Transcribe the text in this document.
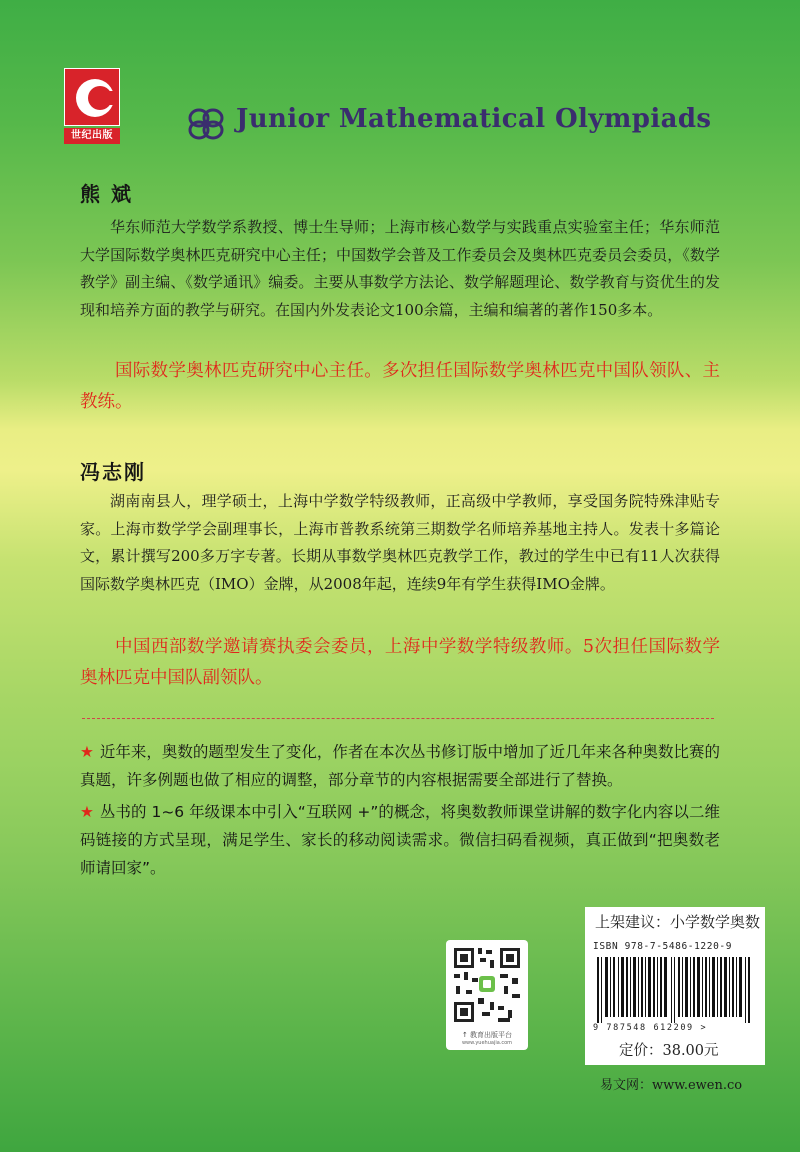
世纪出版
Junior Mathematical Olympiads
熊 斌
华东师范大学数学系教授、博士生导师；上海市核心数学与实践重点实验室主任；华东师范大学国际数学奥林匹克研究中心主任；中国数学会普及工作委员会及奥林匹克委员会委员，《数学教学》副主编、《数学通讯》编委。主要从事数学方法论、数学解题理论、数学教育与资优生的发现和培养方面的教学与研究。在国内外发表论文100余篇，主编和编著的著作150多本。
国际数学奥林匹克研究中心主任。多次担任国际数学奥林匹克中国队领队、主教练。
冯志刚
湖南南县人，理学硕士，上海中学数学特级教师，正高级中学教师，享受国务院特殊津贴专家。上海市数学学会副理事长，上海市普教系统第三期数学名师培养基地主持人。发表十多篇论文，累计撰写200多万字专著。长期从事数学奥林匹克教学工作，教过的学生中已有11人次获得国际数学奥林匹克（IMO）金牌，从2008年起，连续9年有学生获得IMO金牌。
中国西部数学邀请赛执委会委员，上海中学数学特级教师。5次担任国际数学奥林匹克中国队副领队。
★ 近年来，奥数的题型发生了变化，作者在本次丛书修订版中增加了近几年来各种奥数比赛的真题，许多例题也做了相应的调整，部分章节的内容根据需要全部进行了替换。
★ 丛书的 1~6 年级课本中引入“互联网 +”的概念，将奥数教师课堂讲解的数字化内容以二维码链接的方式呈现，满足学生、家长的移动阅读需求。微信扫码看视频，真正做到“把奥数老师请回家”。
↑ 教育出版平台
www.yuehuajia.com
上架建议：小学数学奥数
ISBN 978-7-5486-1220-9
9 787548 612209 >
定价：38.00元
易文网：www.ewen.co
